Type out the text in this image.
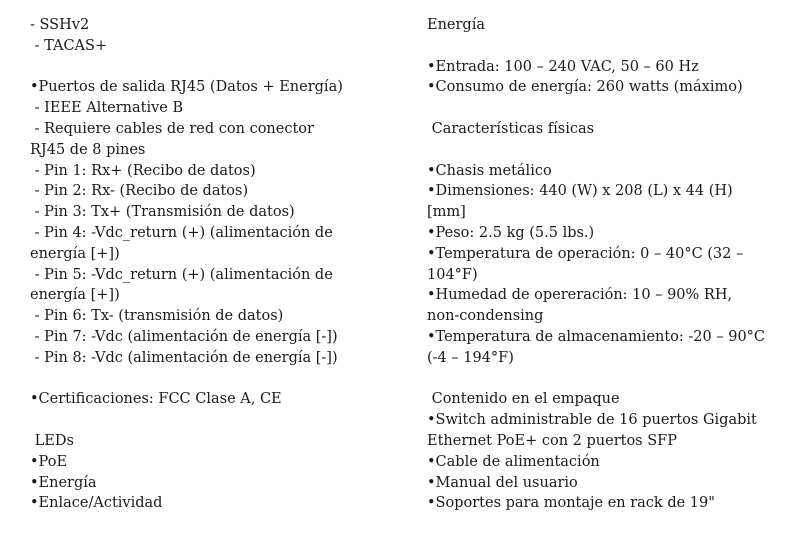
- SSHv2
- TACAS+
•Puertos de salida RJ45 (Datos + Energía)
- IEEE Alternative B
- Requiere cables de red con conector
RJ45 de 8 pines
- Pin 1: Rx+ (Recibo de datos)
- Pin 2: Rx- (Recibo de datos)
- Pin 3: Tx+ (Transmisión de datos)
- Pin 4: -Vdc_return (+) (alimentación de
energía [+])
- Pin 5: -Vdc_return (+) (alimentación de
energía [+])
- Pin 6: Tx- (transmisión de datos)
- Pin 7: -Vdc (alimentación de energía [-])
- Pin 8: -Vdc (alimentación de energía [-])
•Certificaciones: FCC Clase A, CE
LEDs
•PoE
•Energía
•Enlace/Actividad
Energía
•Entrada: 100 – 240 VAC, 50 – 60 Hz
•Consumo de energía: 260 watts (máximo)
Características físicas
•Chasis metálico
•Dimensiones: 440 (W) x 208 (L) x 44 (H)
[mm]
•Peso: 2.5 kg (5.5 lbs.)
•Temperatura de operación: 0 – 40°C (32 –
104°F)
•Humedad de opereración: 10 – 90% RH,
non-condensing
•Temperatura de almacenamiento: -20 – 90°C
(-4 – 194°F)
Contenido en el empaque
•Switch administrable de 16 puertos Gigabit
Ethernet PoE+ con 2 puertos SFP
•Cable de alimentación
•Manual del usuario
•Soportes para montaje en rack de 19"
